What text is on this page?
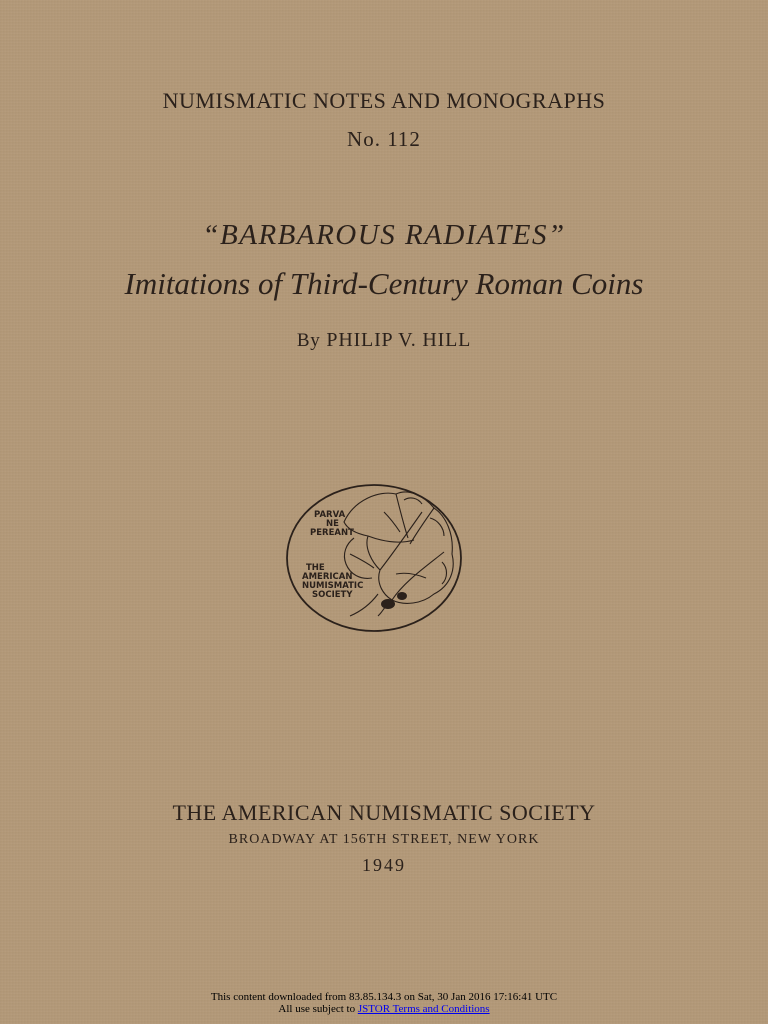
NUMISMATIC NOTES AND MONOGRAPHS
No. 112
“BARBAROUS RADIATES”
Imitations of Third-Century Roman Coins
By PHILIP V. HILL
PARVA
NE
PEREANT
THE
AMERICAN
NUMISMATIC
SOCIETY
THE AMERICAN NUMISMATIC SOCIETY
BROADWAY AT 156TH STREET, NEW YORK
1949
This content downloaded from 83.85.134.3 on Sat, 30 Jan 2016 17:16:41 UTC
All use subject to JSTOR Terms and Conditions
